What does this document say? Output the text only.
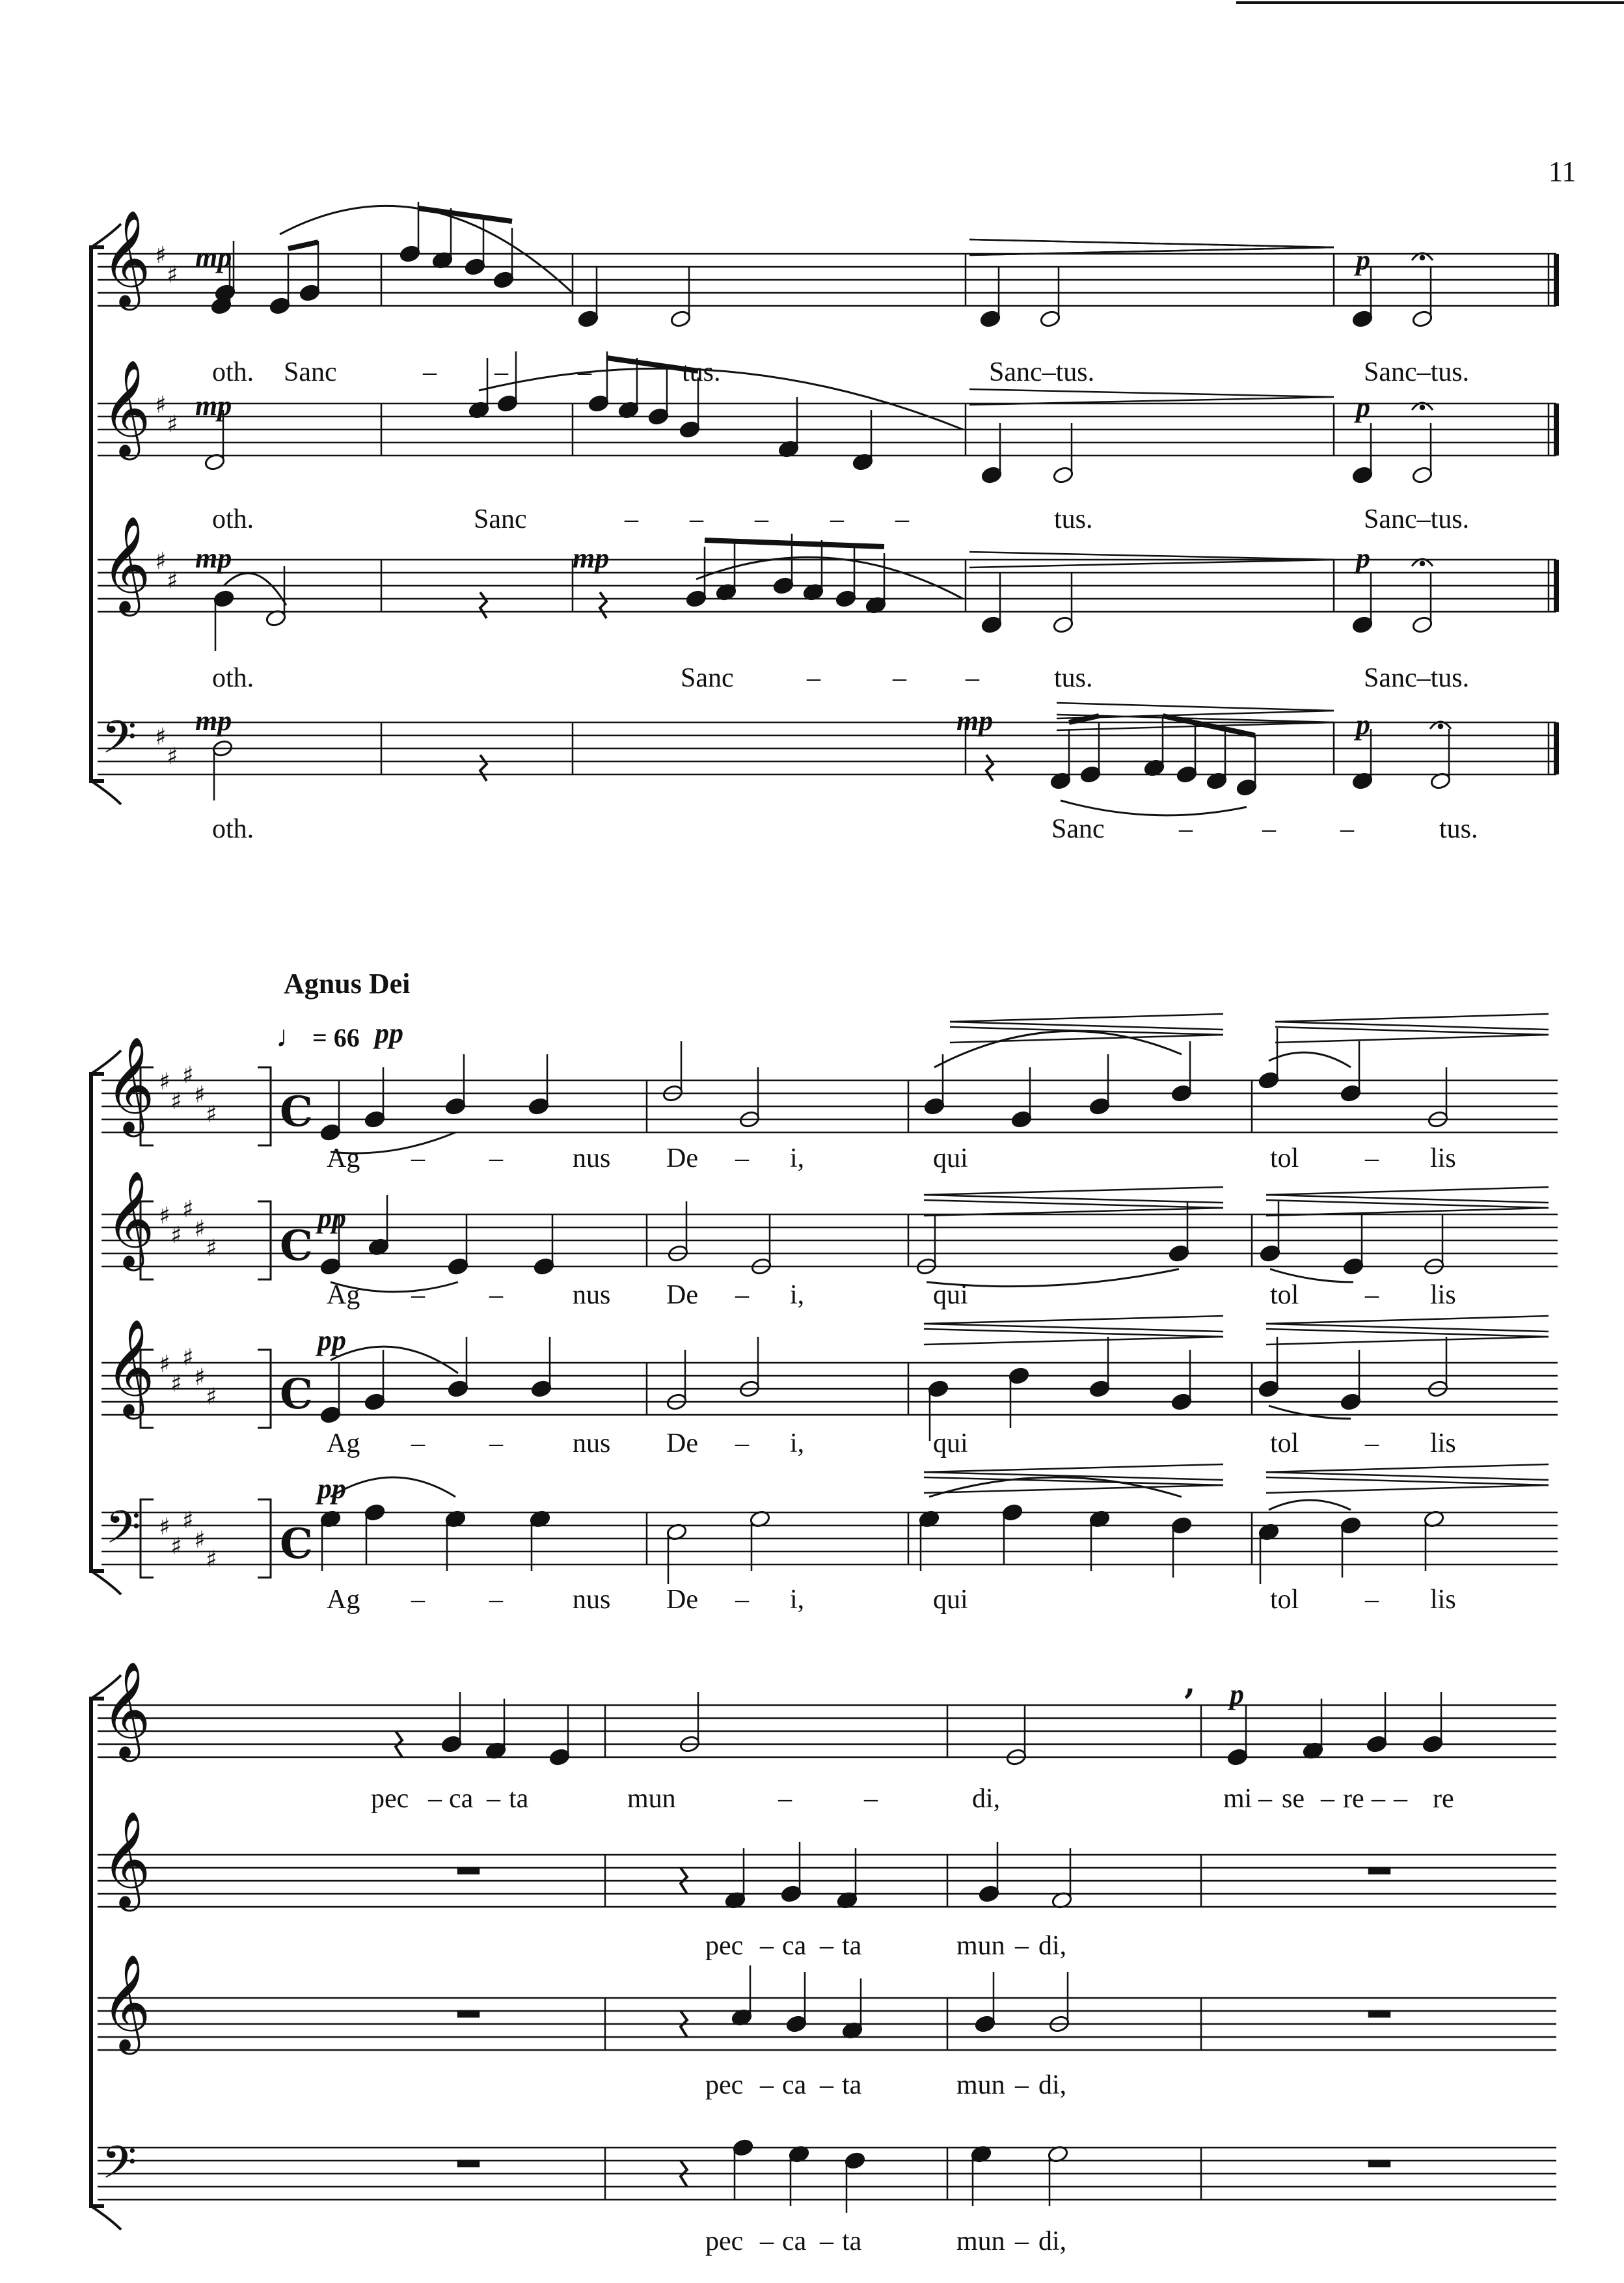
11
Agnus Dei
♩ = 66
mp	p
mp	p
mp	mp	p
mp	mp	p
pp
pp
pp
pp
p
oth. Sanc	– –	–	tus.	Sanc–tus.	Sanc–tus.
oth.	Sanc	– – – – –	tus.	Sanc–tus.
oth.	Sanc	–	– –	tus.	Sanc–tus.
oth.	Sanc	–	– –	tus.
Ag – –	nus De – i,	qui	tol – lis
Ag – –	nus De – i,	qui	tol – lis
Ag – –	nus De – i,	qui	tol – lis
Ag – –	nus De – i,	qui	tol – lis
pec – ca – ta	mun	–	–	di,	mi – se – re – – re
pec – ca – ta	mun – di,
pec – ca – ta	mun – di,
pec – ca – ta	mun – di,
𝄞 ♯
♯
𝄞 ♯
♯
𝄞 ♯
♯
𝄢 ♯
♯
𝄞 ♯
♯
♯
♯
♯ C
𝄞 ♯
♯
♯
♯
♯ C
𝄞 ♯
♯
♯
♯
♯ C
𝄢 ♯
♯
♯
♯
♯ C
𝄞
𝄞
𝄞
𝄢
,
